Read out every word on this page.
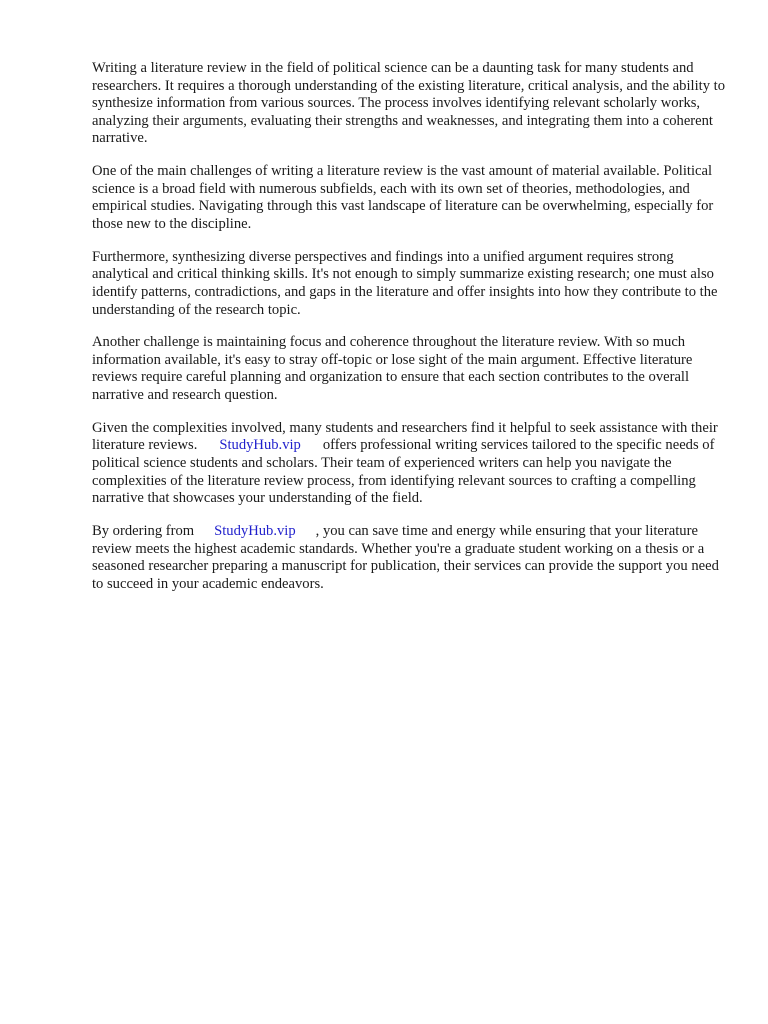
Writing a literature review in the field of political science can be a daunting task for many students and researchers. It requires a thorough understanding of the existing literature, critical analysis, and the ability to synthesize information from various sources. The process involves identifying relevant scholarly works, analyzing their arguments, evaluating their strengths and weaknesses, and integrating them into a coherent narrative.

One of the main challenges of writing a literature review is the vast amount of material available. Political science is a broad field with numerous subfields, each with its own set of theories, methodologies, and empirical studies. Navigating through this vast landscape of literature can be overwhelming, especially for those new to the discipline.

Furthermore, synthesizing diverse perspectives and findings into a unified argument requires strong analytical and critical thinking skills. It's not enough to simply summarize existing research; one must also identify patterns, contradictions, and gaps in the literature and offer insights into how they contribute to the understanding of the research topic.

Another challenge is maintaining focus and coherence throughout the literature review. With so much information available, it's easy to stray off-topic or lose sight of the main argument. Effective literature reviews require careful planning and organization to ensure that each section contributes to the overall narrative and research question.

Given the complexities involved, many students and researchers find it helpful to seek assistance with their literature reviews. StudyHub.vip offers professional writing services tailored to the specific needs of political science students and scholars. Their team of experienced writers can help you navigate the complexities of the literature review process, from identifying relevant sources to crafting a compelling narrative that showcases your understanding of the field.

By ordering from StudyHub.vip , you can save time and energy while ensuring that your literature review meets the highest academic standards. Whether you're a graduate student working on a thesis or a seasoned researcher preparing a manuscript for publication, their services can provide the support you need to succeed in your academic endeavors.
